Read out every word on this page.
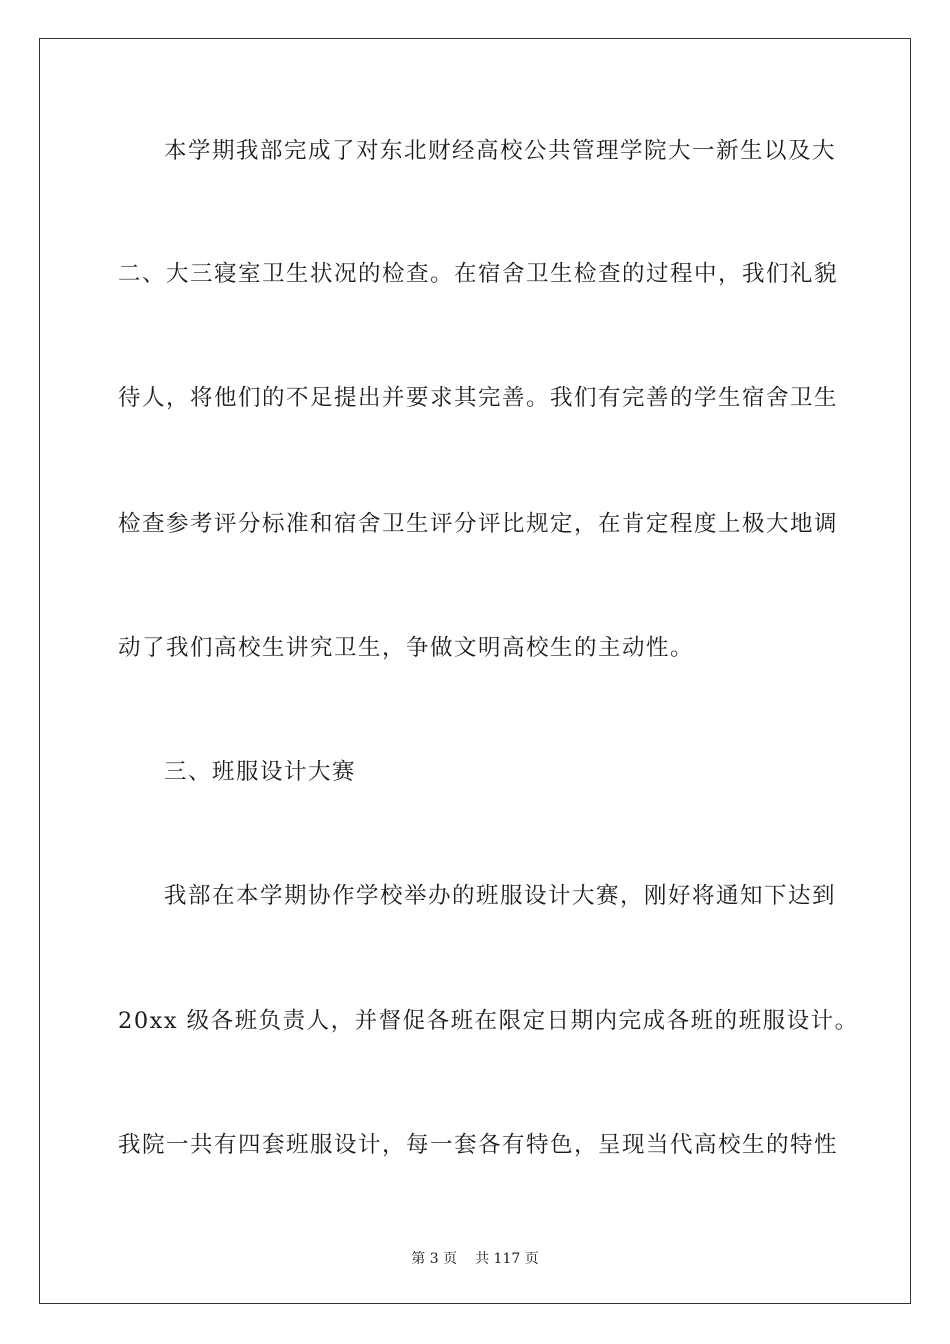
本学期我部完成了对东北财经高校公共管理学院大一新生以及大
二、大三寝室卫生状况的检查。在宿舍卫生检查的过程中，我们礼貌
待人，将他们的不足提出并要求其完善。我们有完善的学生宿舍卫生
检查参考评分标准和宿舍卫生评分评比规定，在肯定程度上极大地调
动了我们高校生讲究卫生，争做文明高校生的主动性。
三、班服设计大赛
我部在本学期协作学校举办的班服设计大赛，刚好将通知下达到
20xx 级各班负责人，并督促各班在限定日期内完成各班的班服设计。
我院一共有四套班服设计，每一套各有特色，呈现当代高校生的特性
第 3 页 共 117 页
